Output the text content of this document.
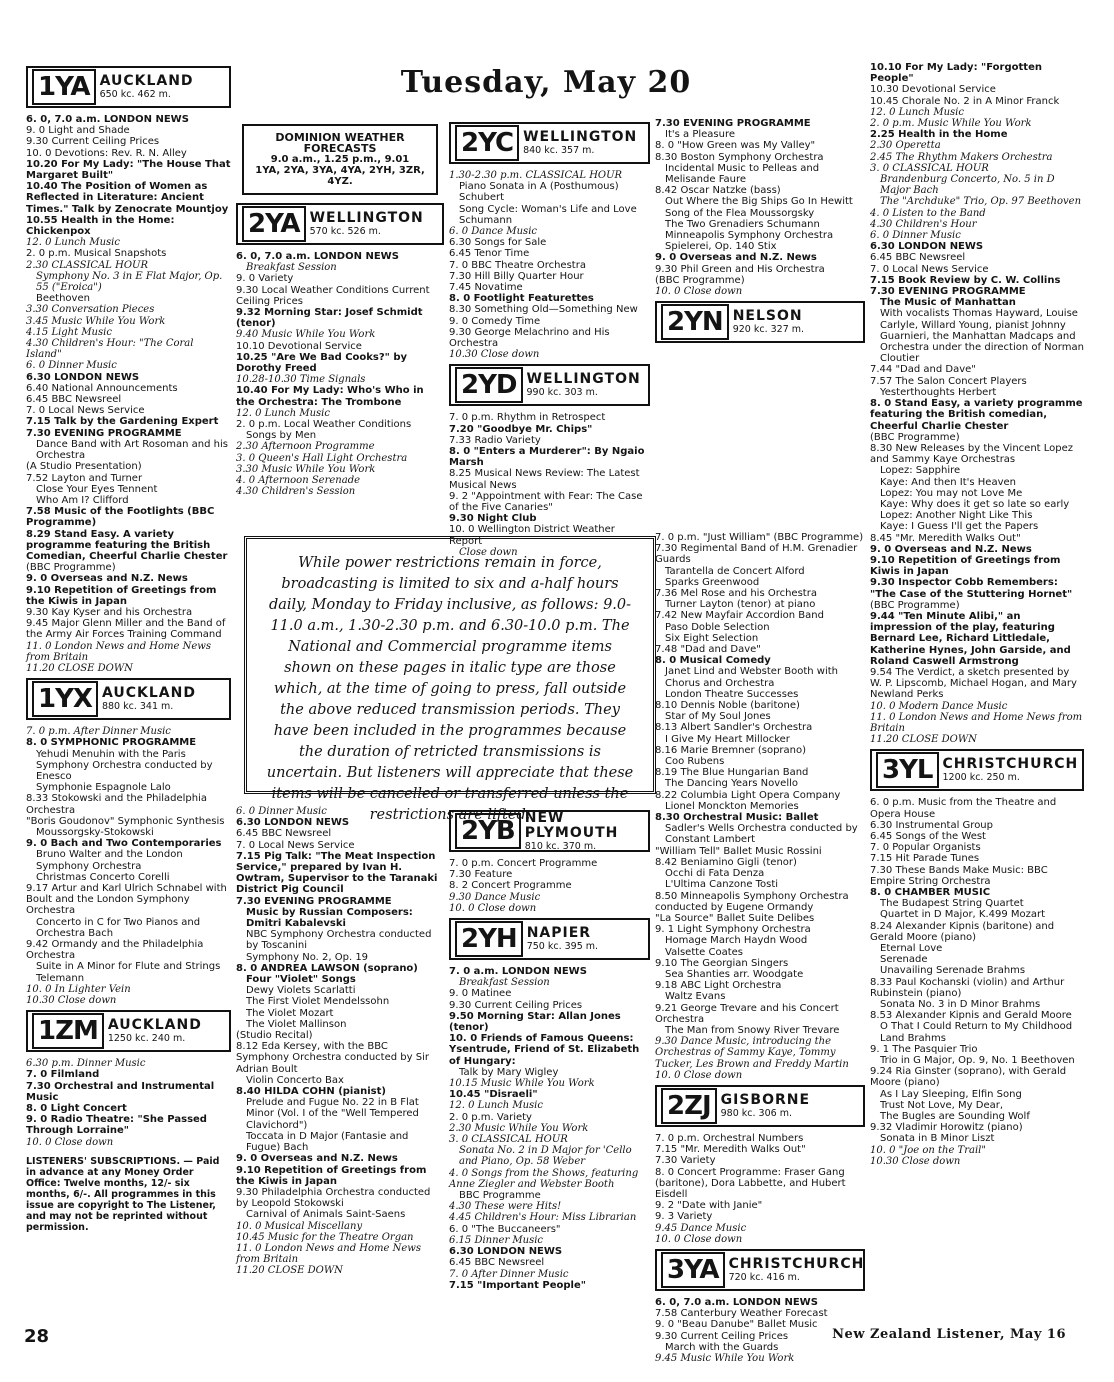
Tuesday, May 20
1YA AUCKLAND
650 kc. 462 m.

6. 0, 7.0 a.m. LONDON NEWS

9. 0 Light and Shade

9.30 Current Ceiling Prices

10. 0 Devotions: Rev. R. N. Alley

10.20 For My Lady: "The House That Margaret Built"

10.40 The Position of Women as Reflected in Literature: Ancient Times." Talk by Zenocrate Mountjoy

10.55 Health in the Home: Chickenpox

12. 0 Lunch Music

2. 0 p.m. Musical Snapshots

2.30 CLASSICAL HOUR

Symphony No. 3 in E Flat Major, Op. 55 ("Eroica")

Beethoven

3.30 Conversation Pieces

3.45 Music While You Work

4.15 Light Music

4.30 Children's Hour: "The Coral Island"

6. 0 Dinner Music

6.30 LONDON NEWS

6.40 National Announcements

6.45 BBC Newsreel

7. 0 Local News Service

7.15 Talk by the Gardening Expert

7.30 EVENING PROGRAMME

Dance Band with Art Rosoman and his Orchestra

(A Studio Presentation)

7.52 Layton and Turner

Close Your Eyes Tennent

Who Am I? Clifford

7.58 Music of the Footlights (BBC Programme)

8.29 Stand Easy. A variety programme featuring the British Comedian, Cheerful Charlie Chester

(BBC Programme)

9. 0 Overseas and N.Z. News

9.10 Repetition of Greetings from the Kiwis in Japan

9.30 Kay Kyser and his Orchestra

9.45 Major Glenn Miller and the Band of the Army Air Forces Training Command

11. 0 London News and Home News from Britain

11.20 CLOSE DOWN

1YX AUCKLAND
880 kc. 341 m.

7. 0 p.m. After Dinner Music

8. 0 SYMPHONIC PROGRAMME

Yehudi Menuhin with the Paris Symphony Orchestra conducted by Enesco

Symphonie Espagnole Lalo

8.33 Stokowski and the Philadelphia Orchestra

"Boris Goudonov" Symphonic Synthesis

Moussorgsky-Stokowski

9. 0 Bach and Two Contemporaries

Bruno Walter and the London Symphony Orchestra

Christmas Concerto Corelli

9.17 Artur and Karl Ulrich Schnabel with Boult and the London Symphony Orchestra

Concerto in C for Two Pianos and Orchestra Bach

9.42 Ormandy and the Philadelphia Orchestra

Suite in A Minor for Flute and Strings Telemann

10. 0 In Lighter Vein

10.30 Close down

1ZM AUCKLAND
1250 kc. 240 m.

6.30 p.m. Dinner Music

7. 0 Filmland

7.30 Orchestral and Instrumental Music

8. 0 Light Concert

9. 0 Radio Theatre: "She Passed Through Lorraine"

10. 0 Close down

LISTENERS' SUBSCRIPTIONS. — Paid in advance at any Money Order Office: Twelve months, 12/- six months, 6/-. All programmes in this issue are copyright to The Listener, and may not be reprinted without permission.
DOMINION WEATHER FORECASTS
9.0 a.m., 1.25 p.m., 9.01
1YA, 2YA, 3YA, 4YA, 2YH, 3ZR, 4YZ.
2YA WELLINGTON
570 kc. 526 m.

6. 0, 7.0 a.m. LONDON NEWS

Breakfast Session

9. 0 Variety

9.30 Local Weather Conditions Current Ceiling Prices

9.32 Morning Star: Josef Schmidt (tenor)

9.40 Music While You Work

10.10 Devotional Service

10.25 "Are We Bad Cooks?" by Dorothy Freed

10.28-10.30 Time Signals

10.40 For My Lady: Who's Who in the Orchestra: The Trombone

12. 0 Lunch Music

2. 0 p.m. Local Weather Conditions

Songs by Men

2.30 Afternoon Programme

3. 0 Queen's Hall Light Orchestra

3.30 Music While You Work

4. 0 Afternoon Serenade

4.30 Children's Session

2YC WELLINGTON
840 kc. 357 m.

1.30-2.30 p.m. CLASSICAL HOUR

Piano Sonata in A (Posthumous) Schubert

Song Cycle: Woman's Life and Love Schumann

6. 0 Dance Music

6.30 Songs for Sale

6.45 Tenor Time

7. 0 BBC Theatre Orchestra

7.30 Hill Billy Quarter Hour

7.45 Novatime

8. 0 Footlight Featurettes

8.30 Something Old—Something New

9. 0 Comedy Time

9.30 George Melachrino and His Orchestra

10.30 Close down

2YD WELLINGTON
990 kc. 303 m.

7. 0 p.m. Rhythm in Retrospect

7.20 "Goodbye Mr. Chips"

7.33 Radio Variety

8. 0 "Enters a Murderer": By Ngaio Marsh

8.25 Musical News Review: The Latest Musical News

9. 2 "Appointment with Fear: The Case of the Five Canaries"

9.30 Night Club

10. 0 Wellington District Weather Report

Close down

While power restrictions remain in force, broadcasting is limited to six and a-half hours daily, Monday to Friday inclusive, as follows: 9.0-11.0 a.m., 1.30-2.30 p.m. and 6.30-10.0 p.m. The National and Commercial programme items shown on these pages in italic type are those which, at the time of going to press, fall outside the above reduced transmission periods. They have been included in the programmes because the duration of retricted transmissions is uncertain. But listeners will appreciate that these items will be cancelled or transferred unless the restrictions are lifted.

6. 0 Dinner Music

6.30 LONDON NEWS

6.45 BBC Newsreel

7. 0 Local News Service

7.15 Pig Talk: "The Meat Inspection Service," prepared by Ivan H. Owtram, Supervisor to the Taranaki District Pig Council

7.30 EVENING PROGRAMME

Music by Russian Composers: Dmitri Kabalevski

NBC Symphony Orchestra conducted by Toscanini

Symphony No. 2, Op. 19

8. 0 ANDREA LAWSON (soprano)

Four "Violet" Songs

Dewy Violets Scarlatti

The First Violet Mendelssohn

The Violet Mozart

The Violet Mallinson

(Studio Recital)

8.12 Eda Kersey, with the BBC Symphony Orchestra conducted by Sir Adrian Boult

Violin Concerto Bax

8.40 HILDA COHN (pianist)

Prelude and Fugue No. 22 in B Flat Minor (Vol. I of the "Well Tempered Clavichord")

Toccata in D Major (Fantasie and Fugue) Bach

9. 0 Overseas and N.Z. News

9.10 Repetition of Greetings from the Kiwis in Japan

9.30 Philadelphia Orchestra conducted by Leopold Stokowski

Carnival of Animals Saint-Saens

10. 0 Musical Miscellany

10.45 Music for the Theatre Organ

11. 0 London News and Home News from Britain

11.20 CLOSE DOWN

2YB NEW PLYMOUTH
810 kc. 370 m.

7. 0 p.m. Concert Programme

7.30 Feature

8. 2 Concert Programme

9.30 Dance Music

10. 0 Close down

2YH NAPIER
750 kc. 395 m.

7. 0 a.m. LONDON NEWS

Breakfast Session

9. 0 Matinee

9.30 Current Ceiling Prices

9.50 Morning Star: Allan Jones (tenor)

10. 0 Friends of Famous Queens: Ysentrude, Friend of St. Elizabeth of Hungary:

Talk by Mary Wigley

10.15 Music While You Work

10.45 "Disraeli"

12. 0 Lunch Music

2. 0 p.m. Variety

2.30 Music While You Work

3. 0 CLASSICAL HOUR

Sonata No. 2 in D Major for 'Cello and Piano, Op. 58 Weber

4. 0 Songs from the Shows, featuring Anne Ziegler and Webster Booth

BBC Programme

4.30 These were Hits!

4.45 Children's Hour: Miss Librarian

6. 0 "The Buccaneers"

6.15 Dinner Music

6.30 LONDON NEWS

6.45 BBC Newsreel

7. 0 After Dinner Music

7.15 "Important People"

7.30 EVENING PROGRAMME

It's a Pleasure

8. 0 "How Green was My Valley"

8.30 Boston Symphony Orchestra

Incidental Music to Pelleas and Melisande Faure

8.42 Oscar Natzke (bass)

Out Where the Big Ships Go In Hewitt

Song of the Flea Moussorgsky

The Two Grenadiers Schumann

Minneapolis Symphony Orchestra

Spielerei, Op. 140 Stix

9. 0 Overseas and N.Z. News

9.30 Phil Green and His Orchestra

(BBC Programme)

10. 0 Close down

2YN NELSON
920 kc. 327 m.

7. 0 p.m. "Just William" (BBC Programme)

7.30 Regimental Band of H.M. Grenadier Guards

Tarantella de Concert Alford

Sparks Greenwood

7.36 Mel Rose and his Orchestra

Turner Layton (tenor) at piano

7.42 New Mayfair Accordion Band

Paso Doble Selection

Six Eight Selection

7.48 "Dad and Dave"

8. 0 Musical Comedy

Janet Lind and Webster Booth with Chorus and Orchestra

London Theatre Successes

8.10 Dennis Noble (baritone)

Star of My Soul Jones

8.13 Albert Sandler's Orchestra

I Give My Heart Millocker

8.16 Marie Bremner (soprano)

Coo Rubens

8.19 The Blue Hungarian Band

The Dancing Years Novello

8.22 Columbia Light Opera Company

Lionel Monckton Memories

8.30 Orchestral Music: Ballet

Sadler's Wells Orchestra conducted by Constant Lambert

"William Tell" Ballet Music Rossini

8.42 Beniamino Gigli (tenor)

Occhi di Fata Denza

L'Ultima Canzone Tosti

8.50 Minneapolis Symphony Orchestra conducted by Eugene Ormandy

"La Source" Ballet Suite Delibes

9. 1 Light Symphony Orchestra

Homage March Haydn Wood

Valsette Coates

9.10 The Georgian Singers

Sea Shanties arr. Woodgate

9.18 ABC Light Orchestra

Waltz Evans

9.21 George Trevare and his Concert Orchestra

The Man from Snowy River Trevare

9.30 Dance Music, introducing the Orchestras of Sammy Kaye, Tommy Tucker, Les Brown and Freddy Martin

10. 0 Close down

2ZJ GISBORNE
980 kc. 306 m.

7. 0 p.m. Orchestral Numbers

7.15 "Mr. Meredith Walks Out"

7.30 Variety

8. 0 Concert Programme: Fraser Gang (baritone), Dora Labbette, and Hubert Eisdell

9. 2 "Date with Janie"

9. 3 Variety

9.45 Dance Music

10. 0 Close down

3YA CHRISTCHURCH
720 kc. 416 m.

6. 0, 7.0 a.m. LONDON NEWS

7.58 Canterbury Weather Forecast

9. 0 "Beau Danube" Ballet Music

9.30 Current Ceiling Prices

March with the Guards

9.45 Music While You Work

10.10 For My Lady: "Forgotten People"

10.30 Devotional Service

10.45 Chorale No. 2 in A Minor Franck

12. 0 Lunch Music

2. 0 p.m. Music While You Work

2.25 Health in the Home

2.30 Operetta

2.45 The Rhythm Makers Orchestra

3. 0 CLASSICAL HOUR

Brandenburg Concerto, No. 5 in D Major Bach

The "Archduke" Trio, Op. 97 Beethoven

4. 0 Listen to the Band

4.30 Children's Hour

6. 0 Dinner Music

6.30 LONDON NEWS

6.45 BBC Newsreel

7. 0 Local News Service

7.15 Book Review by C. W. Collins

7.30 EVENING PROGRAMME

The Music of Manhattan

With vocalists Thomas Hayward, Louise Carlyle, Willard Young, pianist Johnny Guarnieri, the Manhattan Madcaps and Orchestra under the direction of Norman Cloutier

7.44 "Dad and Dave"

7.57 The Salon Concert Players

Yesterthoughts Herbert

8. 0 Stand Easy, a variety programme featuring the British comedian, Cheerful Charlie Chester

(BBC Programme)

8.30 New Releases by the Vincent Lopez and Sammy Kaye Orchestras

Lopez: Sapphire

Kaye: And then It's Heaven

Lopez: You may not Love Me

Kaye: Why does it get so late so early

Lopez: Another Night Like This

Kaye: I Guess I'll get the Papers

8.45 "Mr. Meredith Walks Out"

9. 0 Overseas and N.Z. News

9.10 Repetition of Greetings from Kiwis in Japan

9.30 Inspector Cobb Remembers: "The Case of the Stuttering Hornet"

(BBC Programme)

9.44 "Ten Minute Alibi," an impression of the play, featuring Bernard Lee, Richard Littledale, Katherine Hynes, John Garside, and Roland Caswell Armstrong

9.54 The Verdict, a sketch presented by W. P. Lipscomb, Michael Hogan, and Mary Newland Perks

10. 0 Modern Dance Music

11. 0 London News and Home News from Britain

11.20 CLOSE DOWN

3YL CHRISTCHURCH
1200 kc. 250 m.

6. 0 p.m. Music from the Theatre and Opera House

6.30 Instrumental Group

6.45 Songs of the West

7. 0 Popular Organists

7.15 Hit Parade Tunes

7.30 These Bands Make Music: BBC Empire String Orchestra

8. 0 CHAMBER MUSIC

The Budapest String Quartet

Quartet in D Major, K.499 Mozart

8.24 Alexander Kipnis (baritone) and Gerald Moore (piano)

Eternal Love

Serenade

Unavailing Serenade Brahms

8.33 Paul Kochanski (violin) and Arthur Rubinstein (piano)

Sonata No. 3 in D Minor Brahms

8.53 Alexander Kipnis and Gerald Moore

O That I Could Return to My Childhood Land Brahms

9. 1 The Pasquier Trio

Trio in G Major, Op. 9, No. 1 Beethoven

9.24 Ria Ginster (soprano), with Gerald Moore (piano)

As I Lay Sleeping, Elfin Song

Trust Not Love, My Dear,

The Bugles are Sounding Wolf

9.32 Vladimir Horowitz (piano)

Sonata in B Minor Liszt

10. 0 "Joe on the Trail"

10.30 Close down

28	New Zealand Listener, May 16
